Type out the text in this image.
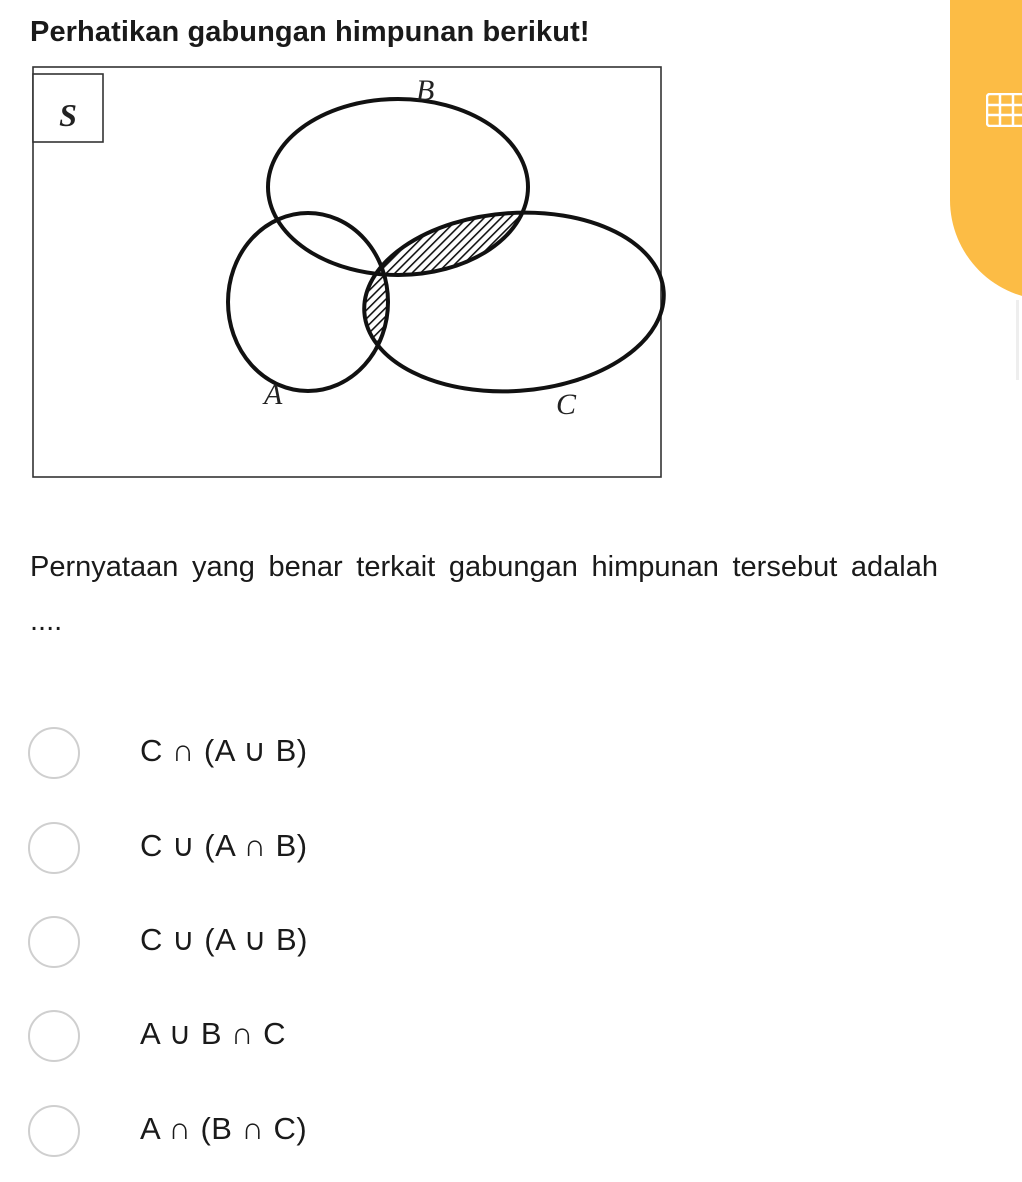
Perhatikan gabungan himpunan berikut!
S
B
A	C
Pernyataan yang benar terkait gabungan himpunan tersebut adalah ....
C ∩ (A ∪ B)
C ∪ (A ∩ B)
C ∪ (A ∪ B)
A ∪ B ∩ C
A ∩ (B ∩ C)
